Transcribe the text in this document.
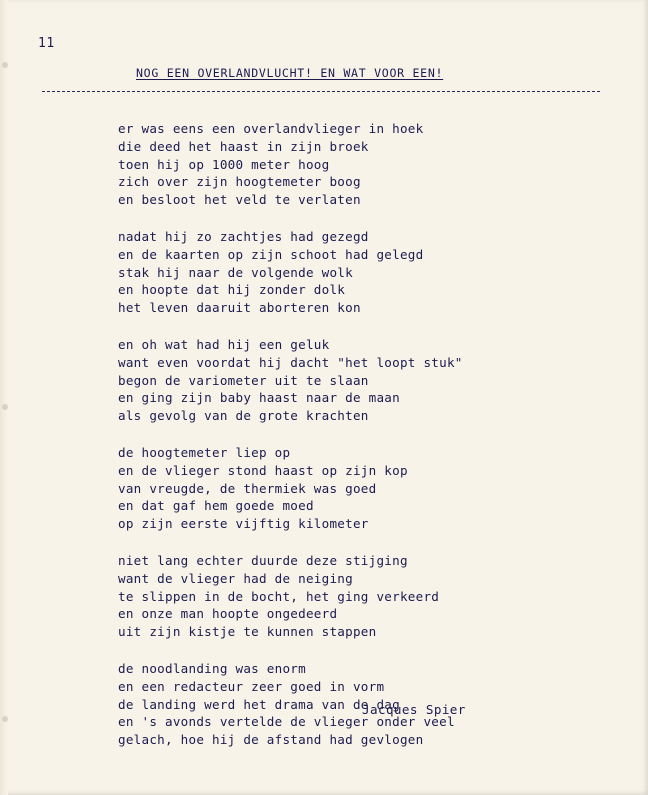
11
NOG EEN OVERLANDVLUCHT! EN WAT VOOR EEN!
er was eens een overlandvlieger in hoek
die deed het haast in zijn broek
toen hij op 1000 meter hoog
zich over zijn hoogtemeter boog
en besloot het veld te verlaten
nadat hij zo zachtjes had gezegd
en de kaarten op zijn schoot had gelegd
stak hij naar de volgende wolk
en hoopte dat hij zonder dolk
het leven daaruit aborteren kon
en oh wat had hij een geluk
want even voordat hij dacht "het loopt stuk"
begon de variometer uit te slaan
en ging zijn baby haast naar de maan
als gevolg van de grote krachten
de hoogtemeter liep op
en de vlieger stond haast op zijn kop
van vreugde, de thermiek was goed
en dat gaf hem goede moed
op zijn eerste vijftig kilometer
niet lang echter duurde deze stijging
want de vlieger had de neiging
te slippen in de bocht, het ging verkeerd
en onze man hoopte ongedeerd
uit zijn kistje te kunnen stappen
de noodlanding was enorm
en een redacteur zeer goed in vorm
de landing werd het drama van de dag
en 's avonds vertelde de vlieger onder veel
gelach, hoe hij de afstand had gevlogen
Jacques Spier
